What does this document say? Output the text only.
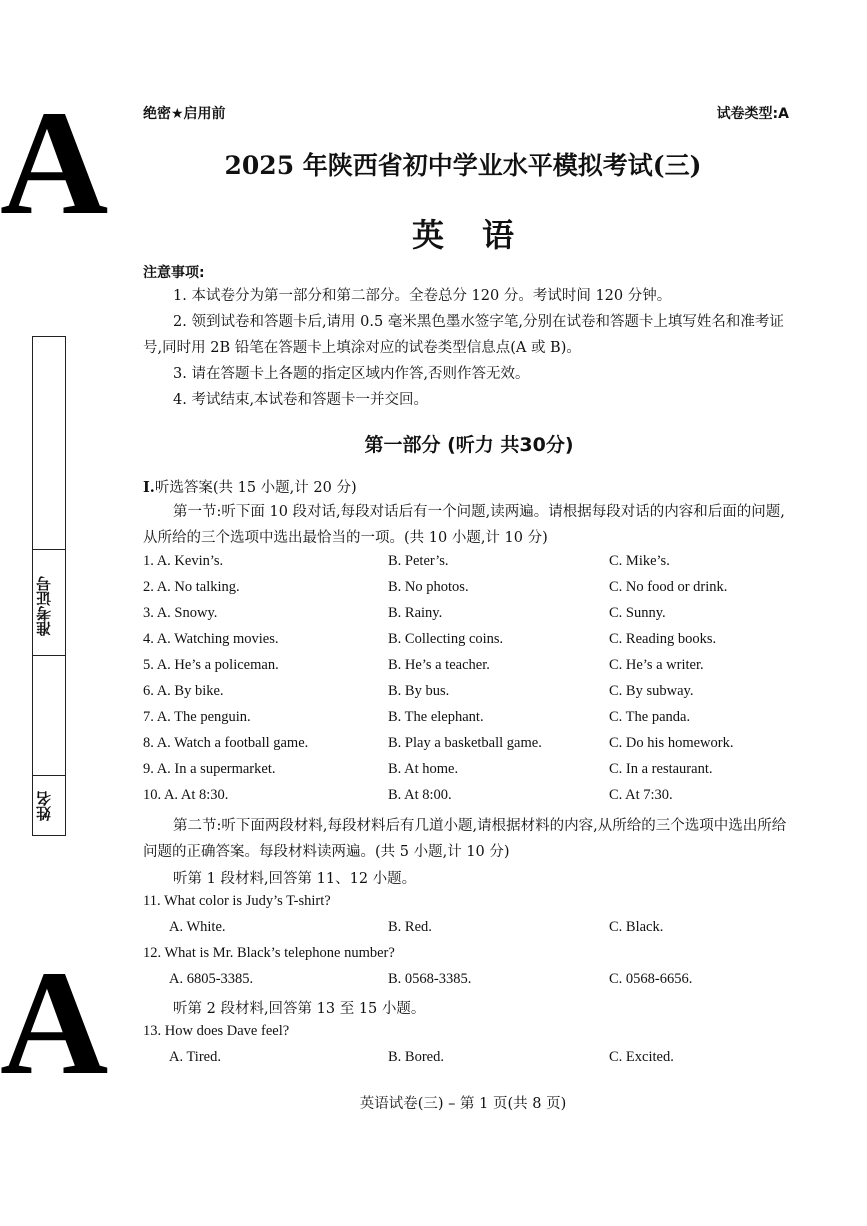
A
A
准考证号
姓名
绝密★启用前	试卷类型:A
2025 年陕西省初中学业水平模拟考试(三)
英语
注意事项:
1. 本试卷分为第一部分和第二部分。全卷总分 120 分。考试时间 120 分钟。
2. 领到试卷和答题卡后,请用 0.5 毫米黑色墨水签字笔,分别在试卷和答题卡上填写姓名和准考证号,同时用 2B 铅笔在答题卡上填涂对应的试卷类型信息点(A 或 B)。
3. 请在答题卡上各题的指定区域内作答,否则作答无效。
4. 考试结束,本试卷和答题卡一并交回。
第一部分 (听力 共30分)
Ⅰ.听选答案(共 15 小题,计 20 分)
第一节:听下面 10 段对话,每段对话后有一个问题,读两遍。请根据每段对话的内容和后面的问题,从所给的三个选项中选出最恰当的一项。(共 10 小题,计 10 分)
1. A. Kevin’s.	B. Peter’s.	C. Mike’s.
2. A. No talking.	B. No photos.	C. No food or drink.
3. A. Snowy.	B. Rainy.	C. Sunny.
4. A. Watching movies.	B. Collecting coins.	C. Reading books.
5. A. He’s a policeman.	B. He’s a teacher.	C. He’s a writer.
6. A. By bike.	B. By bus.	C. By subway.
7. A. The penguin.	B. The elephant.	C. The panda.
8. A. Watch a football game.	B. Play a basketball game.	C. Do his homework.
9. A. In a supermarket.	B. At home.	C. In a restaurant.
10. A. At 8:30.	B. At 8:00.	C. At 7:30.
第二节:听下面两段材料,每段材料后有几道小题,请根据材料的内容,从所给的三个选项中选出所给问题的正确答案。每段材料读两遍。(共 5 小题,计 10 分)
听第 1 段材料,回答第 11、12 小题。
11. What color is Judy’s T-shirt?
A. White.	B. Red.	C. Black.
12. What is Mr. Black’s telephone number?
A. 6805-3385.	B. 0568-3385.	C. 0568-6656.
听第 2 段材料,回答第 13 至 15 小题。
13. How does Dave feel?
A. Tired.	B. Bored.	C. Excited.
英语试卷(三) – 第 1 页(共 8 页)
